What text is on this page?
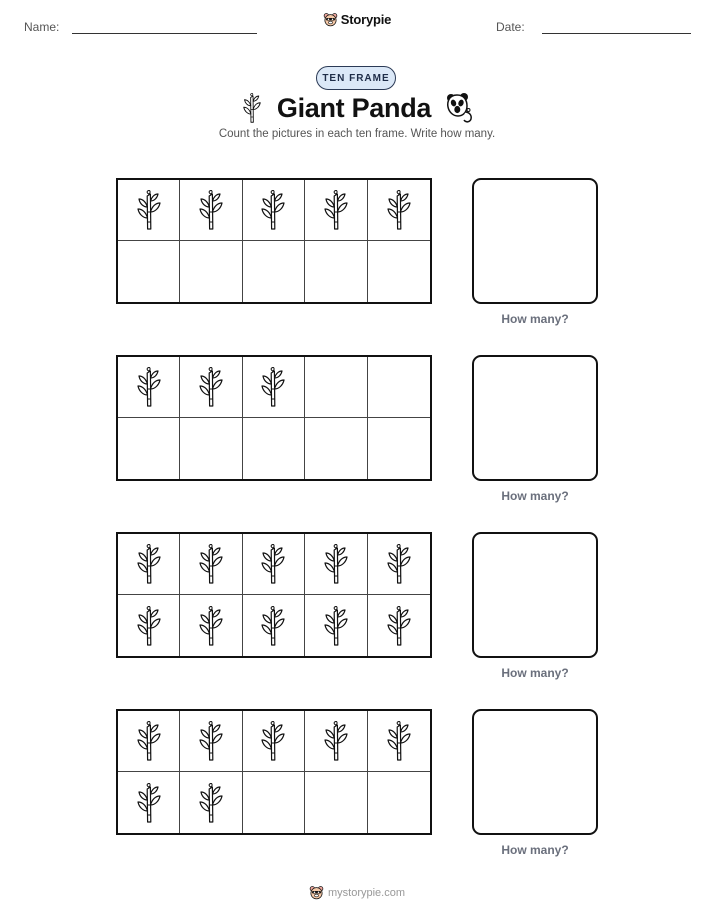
Name:	Storypie	Date:
TEN FRAME
Giant Panda
Count the pictures in each ten frame. Write how many.
How many?
How many?
How many?
How many?
mystorypie.com
